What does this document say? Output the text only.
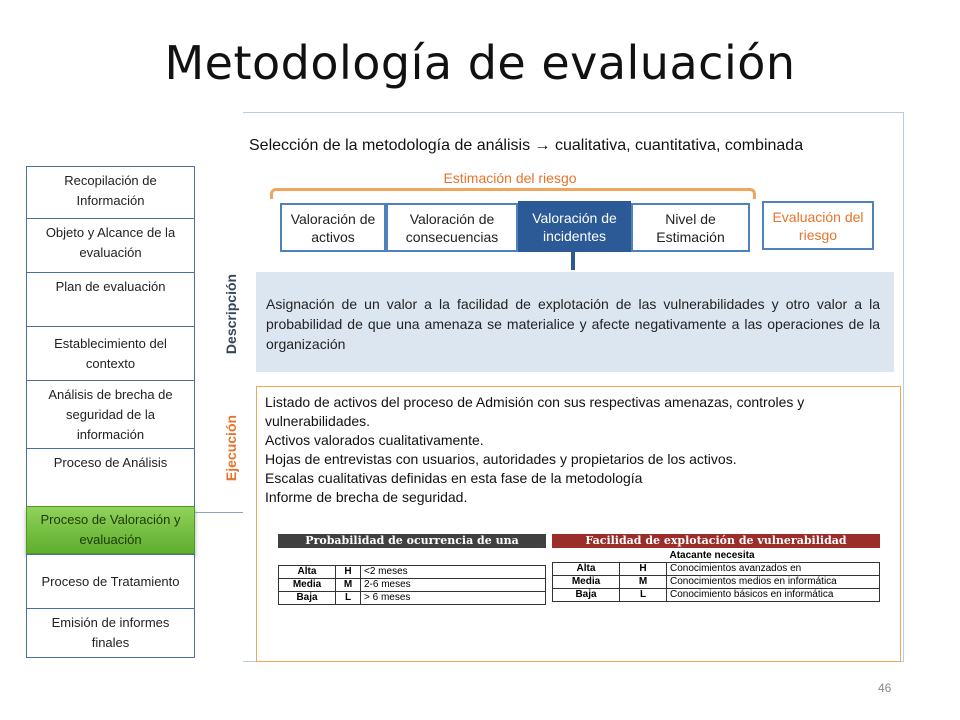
Metodología de evaluación
Recopilación de Información
Objeto y Alcance de la evaluación
Plan de evaluación
Establecimiento del contexto
Análisis de brecha de seguridad de la información
Proceso de Análisis
Proceso de Valoración y evaluación
Proceso de Tratamiento
Emisión de informes finales
Descripción
Ejecución
Selección de la metodología de análisis → cualitativa, cuantitativa, combinada
Estimación del riesgo
Valoración de activos
Valoración de consecuencias
Valoración de incidentes
Nivel de Estimación
Evaluación del riesgo
Asignación de un valor a la facilidad de explotación de las vulnerabilidades y otro valor a la probabilidad de que una amenaza se materialice y afecte negativamente a las operaciones de la organización
Listado de activos del proceso de Admisión con sus respectivas amenazas, controles y vulnerabilidades.
Activos valorados cualitativamente.
Hojas de entrevistas con usuarios, autoridades y propietarios de los activos.
Escalas cualitativas definidas en esta fase de la metodología
Informe de brecha de seguridad.
Probabilidad de ocurrencia de una amenaza
Alta	H	<2 meses
Media	M	2-6 meses
Baja	L	> 6 meses
Facilidad de explotación de vulnerabilidad
		Atacante necesita
Alta	H	Conocimientos avanzados en
Media	M	Conocimientos medios en informática
Baja	L	Conocimiento básicos en informática
46
